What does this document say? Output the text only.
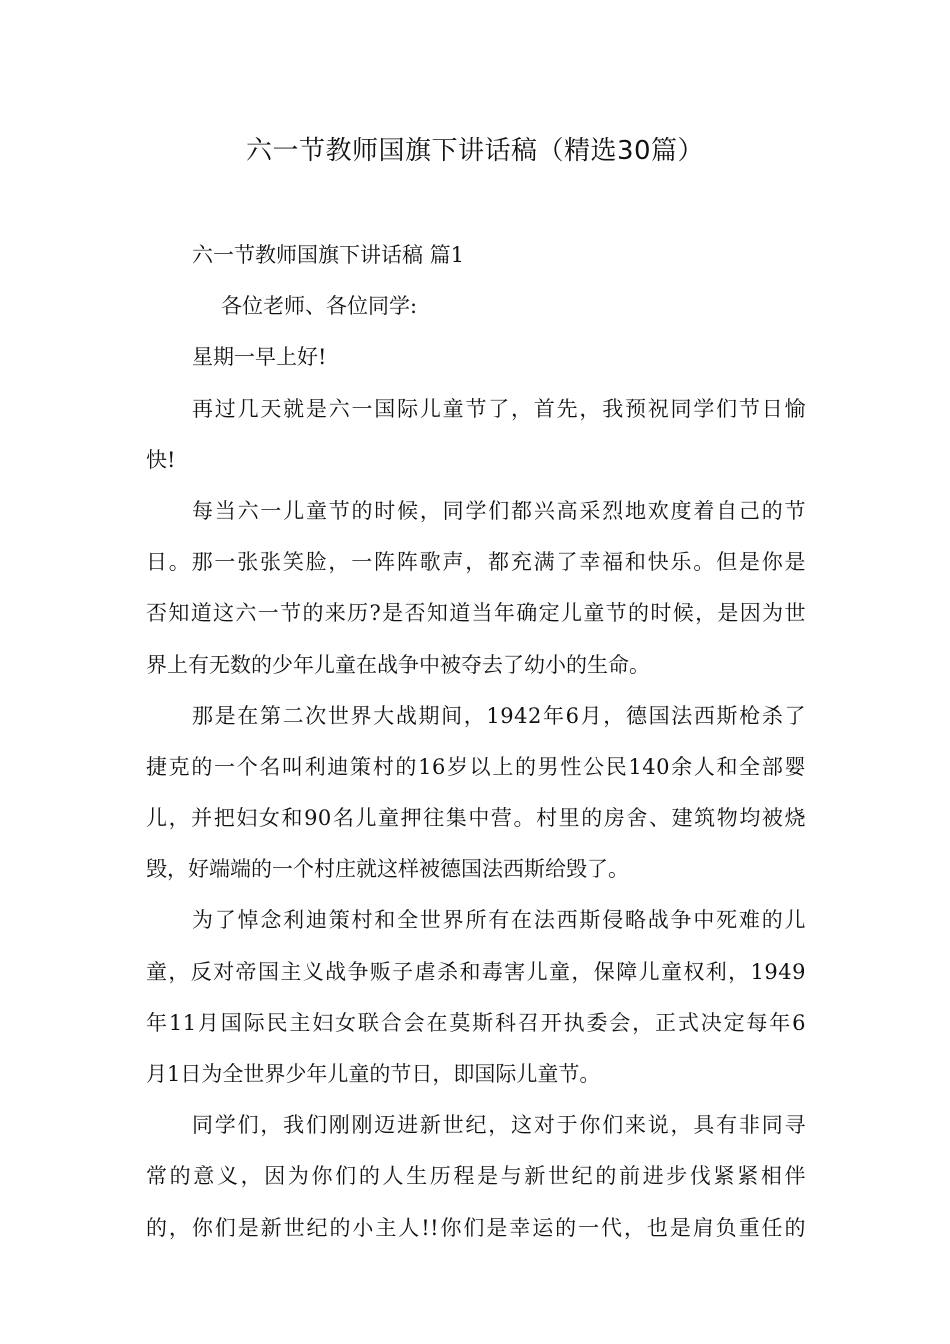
六一节教师国旗下讲话稿（精选30篇）
六一节教师国旗下讲话稿 篇1
各位老师、各位同学:
星期一早上好!
再过几天就是六一国际儿童节了，首先，我预祝同学们节日愉
快!
每当六一儿童节的时候，同学们都兴高采烈地欢度着自己的节
日。那一张张笑脸，一阵阵歌声，都充满了幸福和快乐。但是你是
否知道这六一节的来历?是否知道当年确定儿童节的时候，是因为世
界上有无数的少年儿童在战争中被夺去了幼小的生命。
那是在第二次世界大战期间，1942年6月，德国法西斯枪杀了
捷克的一个名叫利迪策村的16岁以上的男性公民140余人和全部婴
儿，并把妇女和90名儿童押往集中营。村里的房舍、建筑物均被烧
毁，好端端的一个村庄就这样被德国法西斯给毁了。
为了悼念利迪策村和全世界所有在法西斯侵略战争中死难的儿
童，反对帝国主义战争贩子虐杀和毒害儿童，保障儿童权利，1949
年11月国际民主妇女联合会在莫斯科召开执委会，正式决定每年6
月1日为全世界少年儿童的节日，即国际儿童节。
同学们，我们刚刚迈进新世纪，这对于你们来说，具有非同寻
常的意义，因为你们的人生历程是与新世纪的前进步伐紧紧相伴
的，你们是新世纪的小主人!!你们是幸运的一代，也是肩负重任的
